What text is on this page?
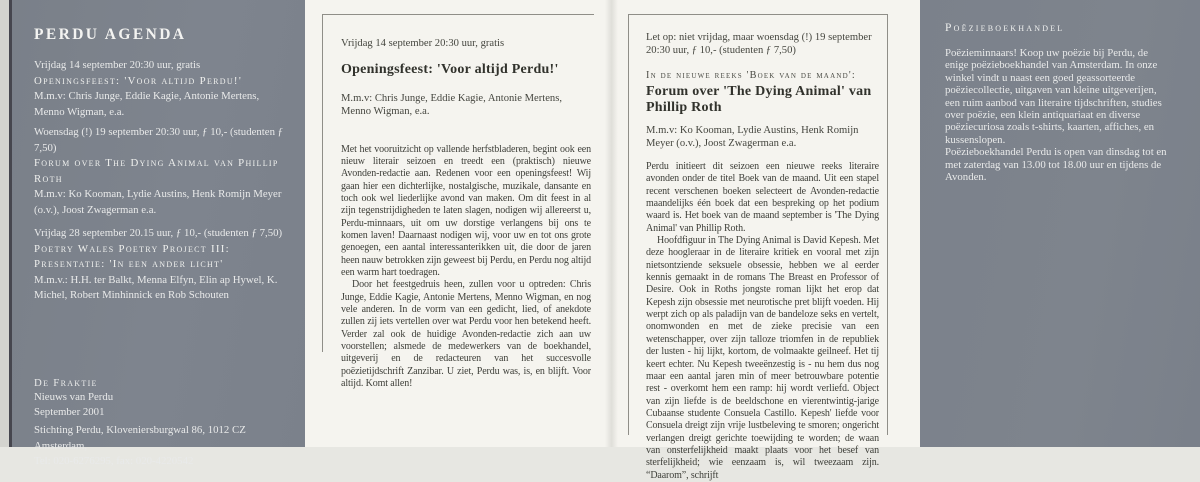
PERDU AGENDA

Vrijdag 14 september 20:30 uur, gratis

Openingsfeest: 'Voor altijd Perdu!'

M.m.v: Chris Junge, Eddie Kagie, Antonie Mertens, Menno Wigman, e.a.

Woensdag (!) 19 september 20:30 uur, ƒ 10,- (studenten ƒ 7,50)

Forum over The Dying Animal van Phillip Roth

M.m.v: Ko Kooman, Lydie Austins, Henk Romijn Meyer (o.v.), Joost Zwagerman e.a.

Vrijdag 28 september 20.15 uur, ƒ 10,- (studenten ƒ 7,50)

Poetry Wales Poetry Project III:

Presentatie: 'In een ander licht'

M.m.v.: H.H. ter Balkt, Menna Elfyn, Elin ap Hywel, K. Michel, Robert Minhinnick en Rob Schouten

De Fraktie

Nieuws van Perdu

September 2001

Stichting Perdu, Kloveniersburgwal 86, 1012 CZ Amsterdam,

Tel: 020-6276295, fax: 020-4220542

Vrijdag 14 september 20:30 uur, gratis

Openingsfeest: 'Voor altijd Perdu!'

M.m.v: Chris Junge, Eddie Kagie, Antonie Mertens, Menno Wigman, e.a.

Met het vooruitzicht op vallende herfstbladeren, begint ook een nieuw literair seizoen en treedt een (praktisch) nieuwe Avonden-redactie aan. Redenen voor een openingsfeest! Wij gaan hier een dichterlijke, nostalgische, muzikale, dansante en toch ook wel liederlijke avond van maken. Om dit feest in al zijn tegenstrijdigheden te laten slagen, nodigen wij allereerst u, Perdu-minnaars, uit om uw dorstige verlangens bij ons te komen laven! Daarnaast nodigen wij, voor uw en tot ons grote genoegen, een aantal interessanterikken uit, die door de jaren heen nauw betrokken zijn geweest bij Perdu, en Perdu nog altijd een warm hart toedragen.

Door het feestgedruis heen, zullen voor u optreden: Chris Junge, Eddie Kagie, Antonie Mertens, Menno Wigman, en nog vele anderen. In de vorm van een gedicht, lied, of anekdote zullen zij iets vertellen over wat Perdu voor hen betekend heeft. Verder zal ook de huidige Avonden-redactie zich aan uw voorstellen; alsmede de medewerkers van de boekhandel, uitgeverij en de redacteuren van het succesvolle poëzietijdschrift Zanzibar. U ziet, Perdu was, is, en blijft. Voor altijd. Komt allen!

Let op: niet vrijdag, maar woensdag (!) 19 september 20:30 uur, ƒ 10,- (studenten ƒ 7,50)

In de nieuwe reeks 'Boek van de maand':

Forum over 'The Dying Animal' van Phillip Roth

M.m.v: Ko Kooman, Lydie Austins, Henk Romijn Meyer (o.v.), Joost Zwagerman e.a.

Perdu initieert dit seizoen een nieuwe reeks literaire avonden onder de titel Boek van de maand. Uit een stapel recent verschenen boeken selecteert de Avonden-redactie maandelijks één boek dat een bespreking op het podium waard is. Het boek van de maand september is 'The Dying Animal' van Phillip Roth.

Hoofdfiguur in The Dying Animal is David Kepesh. Met deze hoogleraar in de literaire kritiek en vooral met zijn nietsontziende seksuele obsessie, hebben we al eerder kennis gemaakt in de romans The Breast en Professor of Desire. Ook in Roths jongste roman lijkt het erop dat Kepesh zijn obsessie met neurotische pret blijft voeden. Hij werpt zich op als paladijn van de bandeloze seks en vertelt, onomwonden en met de zieke precisie van een wetenschapper, over zijn talloze triomfen in de republiek der lusten - hij lijkt, kortom, de volmaakte geilneef. Het tij keert echter. Nu Kepesh tweeënzestig is - nu hem dus nog maar een aantal jaren min of meer betrouwbare potentie rest - overkomt hem een ramp: hij wordt verliefd. Object van zijn liefde is de beeldschone en vierentwintig-jarige Cubaanse studente Consuela Castillo. Kepesh' liefde voor Consuela dreigt zijn vrije lustbeleving te smoren; ongericht verlangen dreigt gerichte toewijding te worden; de waan van onsterfelijkheid maakt plaats voor het besef van sterfelijkheid; wie eenzaam is, wil tweezaam zijn. “Daarom”, schrijft

Poëzieboekhandel

Poëzieminnaars! Koop uw poëzie bij Perdu, de enige poëzieboekhandel van Amsterdam. In onze winkel vindt u naast een goed geassorteerde poëziecollectie, uitgaven van kleine uitgeverijen, een ruim aanbod van literaire tijdschriften, studies over poëzie, een klein antiquariaat en diverse poëziecuriosa zoals t-shirts, kaarten, affiches, en kussenslopen.

Poëzieboekhandel Perdu is open van dinsdag tot en met zaterdag van 13.00 tot 18.00 uur en tijdens de Avonden.
